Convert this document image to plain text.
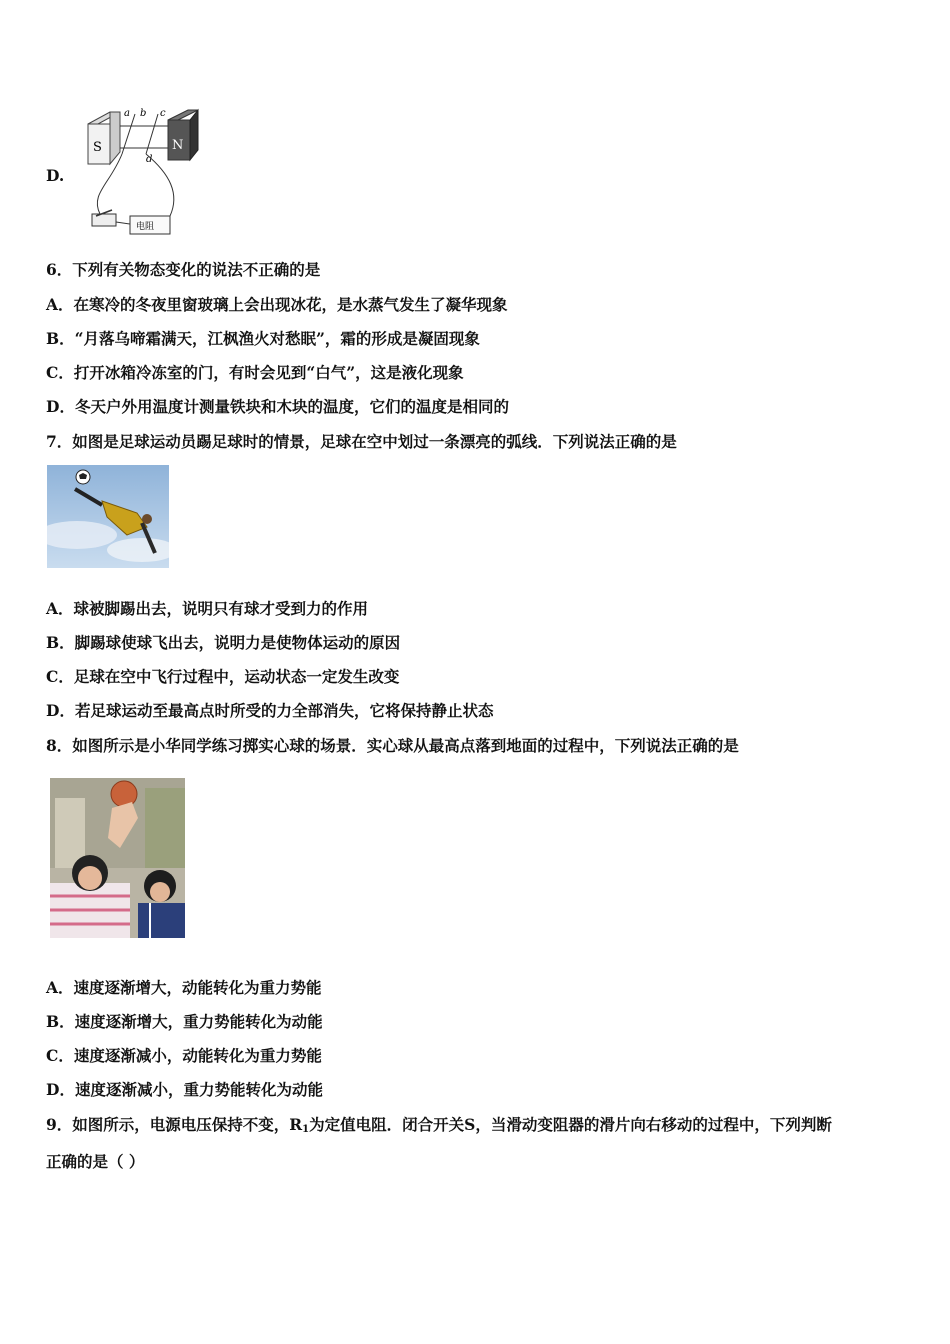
D.
S	N
a b c
d
电阻
6．下列有关物态变化的说法不正确的是
A．在寒冷的冬夜里窗玻璃上会出现冰花，是水蒸气发生了凝华现象
B．“月落乌啼霜满天，江枫渔火对愁眠”，霜的形成是凝固现象
C．打开冰箱冷冻室的门，有时会见到“白气”，这是液化现象
D．冬天户外用温度计测量铁块和木块的温度，它们的温度是相同的
7．如图是足球运动员踢足球时的情景，足球在空中划过一条漂亮的弧线．下列说法正确的是
A．球被脚踢出去，说明只有球才受到力的作用
B．脚踢球使球飞出去，说明力是使物体运动的原因
C．足球在空中飞行过程中，运动状态一定发生改变
D．若足球运动至最高点时所受的力全部消失，它将保持静止状态
8．如图所示是小华同学练习掷实心球的场景．实心球从最高点落到地面的过程中，下列说法正确的是
A．速度逐渐增大，动能转化为重力势能
B．速度逐渐增大，重力势能转化为动能
C．速度逐渐减小，动能转化为重力势能
D．速度逐渐减小，重力势能转化为动能
9．如图所示，电源电压保持不变，$R_1$为定值电阻．闭合开关S，当滑动变阻器的滑片向右移动的过程中，下列判断
正确的是（ ）
